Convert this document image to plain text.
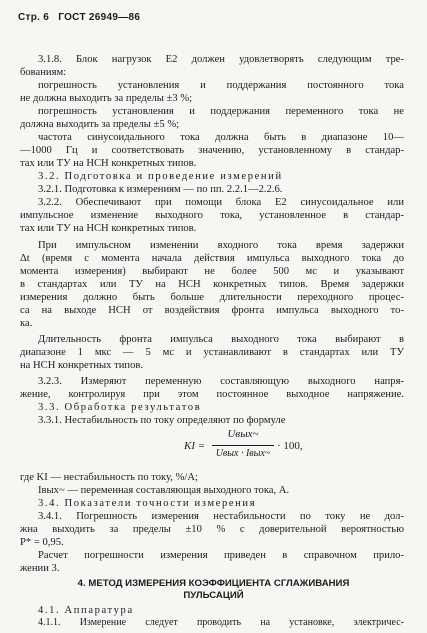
Стр. 6 ГОСТ 26949—86
3.1.8. Блок нагрузок E2 должен удовлетворять следующим тре-
бованиям:
погрешность установления и поддержания постоянного тока
не должна выходить за пределы ±3 %;
погрешность установления и поддержания переменного тока не
должна выходить за пределы ±5 %;
частота синусоидального тока должна быть в диапазоне 10—
—1000 Гц и соответствовать значению, установленному в стандар-
тах или ТУ на НСН конкретных типов.
3.2. Подготовка и проведение измерений
3.2.1. Подготовка к измерениям — по пп. 2.2.1—2.2.6.
3.2.2. Обеспечивают при помощи блока E2 синусоидальное или
импульсное изменение выходного тока, установленное в стандар-
тах или ТУ на НСН конкретных типов.
При импульсном изменении входного тока время задержки
Δt (время с момента начала действия импульса выходного тока до
момента измерения) выбирают не более 500 мс и указывают
в стандартах или ТУ на НСН конкретных типов. Время задержки
измерения должно быть больше длительности переходного процес-
са на выходе НСН от воздействия фронта импульса выходного то-
ка.
Длительность фронта импульса выходного тока выбирают в
диапазоне 1 мкс — 5 мс и устанавливают в стандартах или ТУ
на НСН конкретных типов.
3.2.3. Измеряют переменную составляющую выходного напря-
жение, контролируя при этом постоянное выходное напряжение.
3.3. Обработка результатов
3.3.1. Нестабильность по току определяют по формуле
KI =
Uвых~
Uвых · Iвых~
· 100,
где KI — нестабильность по току, %/А;
Iвых~ — переменная составляющая выходного тока, А.
3.4. Показатели точности измерения
3.4.1. Погрешность измерения нестабильности по току не дол-
жна выходить за пределы ±10 % с доверительной вероятностью
P* = 0,95.
Расчет погрешности измерения приведен в справочном прило-
жении 3.
4. МЕТОД ИЗМЕРЕНИЯ КОЭФФИЦИЕНТА СГЛАЖИВАНИЯ
ПУЛЬСАЦИЙ
4.1. Аппаратура
4.1.1. Измерение следует проводить на установке, электричес-
